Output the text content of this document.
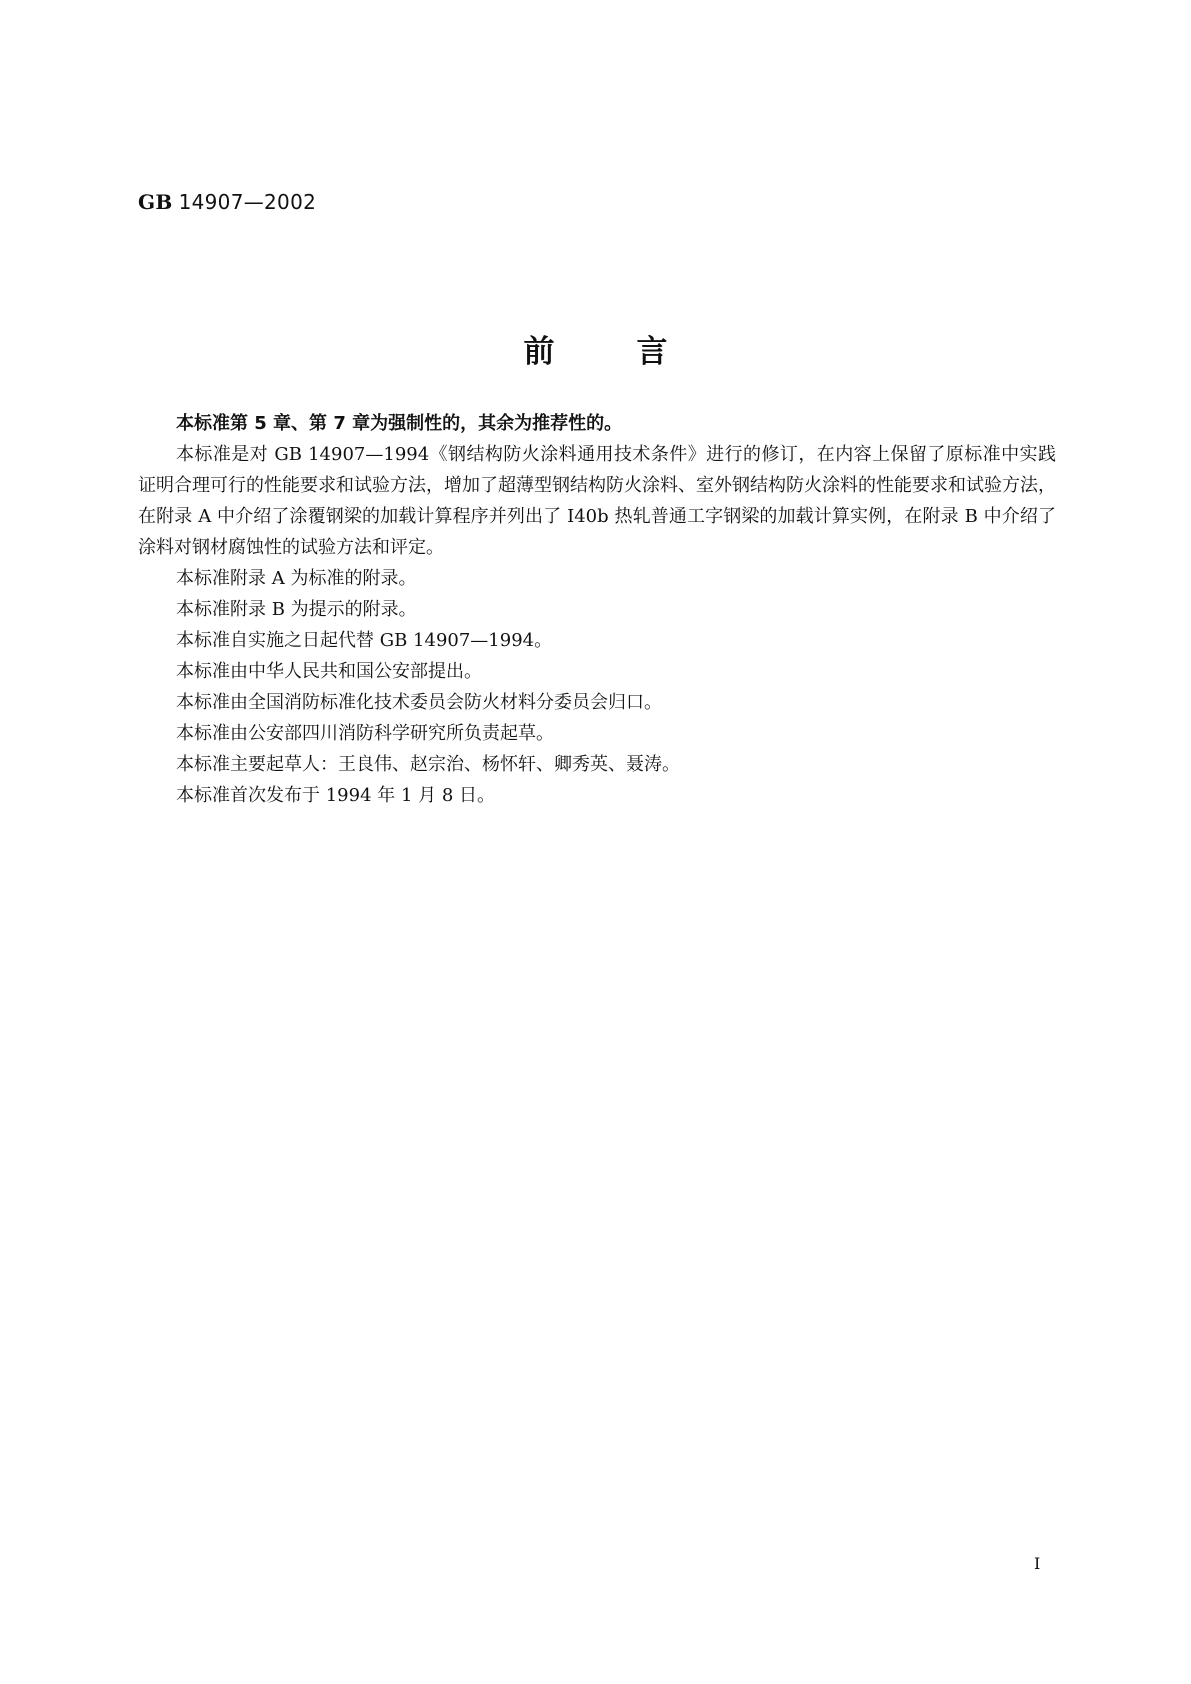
GB 14907—2002
前言

本标准第 5 章、第 7 章为强制性的，其余为推荐性的。

本标准是对 GB 14907—1994《钢结构防火涂料通用技术条件》进行的修订，在内容上保留了原标准中实践证明合理可行的性能要求和试验方法，增加了超薄型钢结构防火涂料、室外钢结构防火涂料的性能要求和试验方法，在附录 A 中介绍了涂覆钢梁的加载计算程序并列出了 I40b 热轧普通工字钢梁的加载计算实例，在附录 B 中介绍了涂料对钢材腐蚀性的试验方法和评定。

本标准附录 A 为标准的附录。

本标准附录 B 为提示的附录。

本标准自实施之日起代替 GB 14907—1994。

本标准由中华人民共和国公安部提出。

本标准由全国消防标准化技术委员会防火材料分委员会归口。

本标准由公安部四川消防科学研究所负责起草。

本标准主要起草人：王良伟、赵宗治、杨怀轩、卿秀英、聂涛。

本标准首次发布于 1994 年 1 月 8 日。

I
